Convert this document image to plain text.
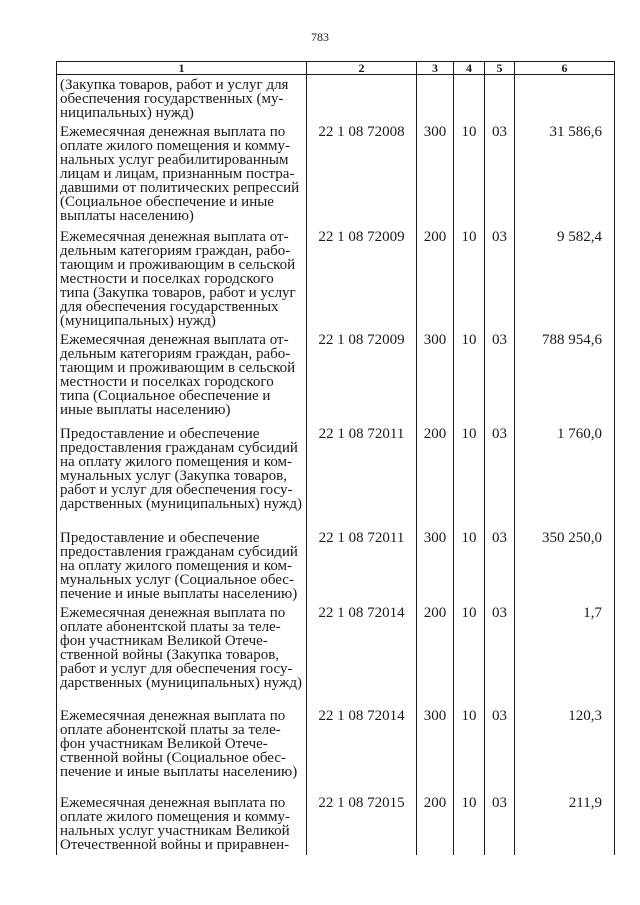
783
1	2	3	4	5	6
(Закупка товаров, работ и услуг для обеспечения государственных (му-ниципальных) нужд)					
Ежемесячная денежная выплата по оплате жилого помещения и комму-нальных услуг реабилитированным лицам и лицам, признанным постра-давшими от политических репрессий (Социальное обеспечение и иные выплаты населению)	22 1 08 72008	300	10	03	31 586,6
Ежемесячная денежная выплата от-дельным категориям граждан, рабо-тающим и проживающим в сельской местности и поселках городского типа (Закупка товаров, работ и услуг для обеспечения государственных (муниципальных) нужд)	22 1 08 72009	200	10	03	9 582,4
Ежемесячная денежная выплата от-дельным категориям граждан, рабо-тающим и проживающим в сельской местности и поселках городского типа (Социальное обеспечение и иные выплаты населению)	22 1 08 72009	300	10	03	788 954,6
Предоставление и обеспечение предоставления гражданам субсидий на оплату жилого помещения и ком-мунальных услуг (Закупка товаров, работ и услуг для обеспечения госу-дарственных (муниципальных) нужд)	22 1 08 72011	200	10	03	1 760,0
Предоставление и обеспечение предоставления гражданам субсидий на оплату жилого помещения и ком-мунальных услуг (Социальное обес-печение и иные выплаты населению)	22 1 08 72011	300	10	03	350 250,0
Ежемесячная денежная выплата по оплате абонентской платы за теле-фон участникам Великой Отече-ственной войны (Закупка товаров, работ и услуг для обеспечения госу-дарственных (муниципальных) нужд)	22 1 08 72014	200	10	03	1,7
Ежемесячная денежная выплата по оплате абонентской платы за теле-фон участникам Великой Отече-ственной войны (Социальное обес-печение и иные выплаты населению)	22 1 08 72014	300	10	03	120,3
Ежемесячная денежная выплата по оплате жилого помещения и комму-нальных услуг участникам Великой Отечественной войны и приравнен-	22 1 08 72015	200	10	03	211,9
